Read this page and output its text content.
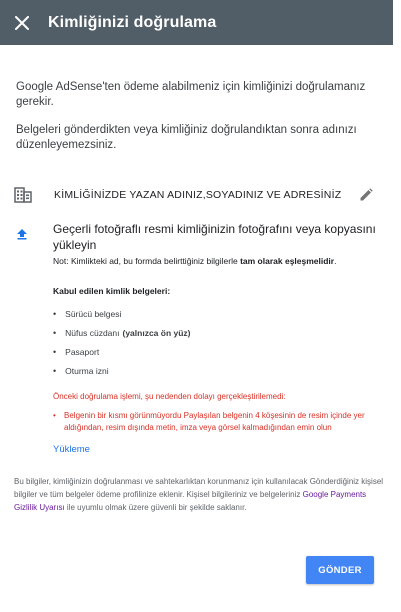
Kimliğinizi doğrulama

Google AdSense'ten ödeme alabilmeniz için kimliğinizi doğrulamanız gerekir.

Belgeleri gönderdikten veya kimliğiniz doğrulandıktan sonra adınızı düzenleyemezsiniz.

KİMLİĞİNİZDE YAZAN ADINIZ,SOYADINIZ VE ADRESİNİZ

Geçerli fotoğraflı resmi kimliğinizin fotoğrafını veya kopyasını yükleyin

Not: Kimlikteki ad, bu formda belirttiğiniz bilgilerle tam olarak eşleşmelidir.
Kabul edilen kimlik belgeleri:
• Sürücü belgesi
• Nüfus cüzdanı (yalnızca ön yüz)
• Pasaport
• Oturma izni
Önceki doğrulama işlemi, şu nedenden dolayı gerçekleştirilemedi:
• Belgenin bir kısmı görünmüyordu Paylaşılan belgenin 4 köşesinin de resim içinde yer aldığından, resim dışında metin, imza veya görsel kalmadığından emin olun
Yükleme
Bu bilgiler, kimliğinizin doğrulanması ve sahtekarlıktan korunmanız için kullanılacak Gönderdiğiniz kişisel bilgiler ve tüm belgeler ödeme profilinize eklenir. Kişisel bilgileriniz ve belgeleriniz Google Payments Gizlilik Uyarısı ile uyumlu olmak üzere güvenli bir şekilde saklanır.
GÖNDER
